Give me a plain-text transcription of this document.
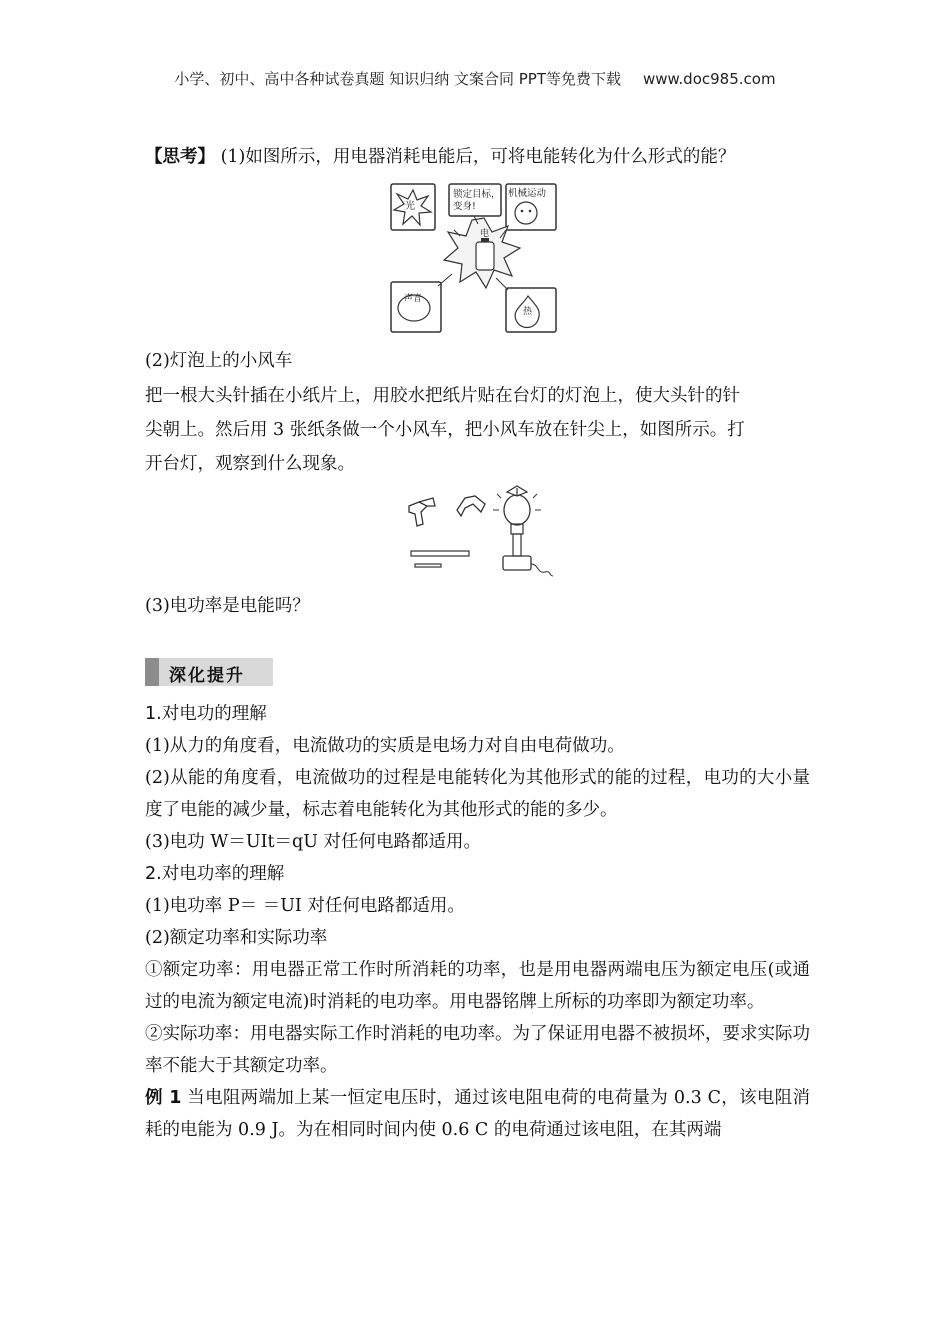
小学、初中、高中各种试卷真题 知识归纳 文案合同 PPT等免费下载 www.doc985.com
【思考】 (1)如图所示，用电器消耗电能后，可将电能转化为什么形式的能？
光
锁定目标， 变身!
机械运动
电
声音
热
(2)灯泡上的小风车
把一根大头针插在小纸片上，用胶水把纸片贴在台灯的灯泡上，使大头针的针
尖朝上。然后用 3 张纸条做一个小风车，把小风车放在针尖上，如图所示。打
开台灯，观察到什么现象。
(3)电功率是电能吗？
深化提升
1.对电功的理解
(1)从力的角度看，电流做功的实质是电场力对自由电荷做功。
(2)从能的角度看，电流做功的过程是电能转化为其他形式的能的过程，电功的大小量度了电能的减少量，标志着电能转化为其他形式的能的多少。
(3)电功 W＝UIt＝qU 对任何电路都适用。
2.对电功率的理解
(1)电功率 P＝ ＝UI 对任何电路都适用。
(2)额定功率和实际功率
①额定功率：用电器正常工作时所消耗的功率，也是用电器两端电压为额定电压(或通过的电流为额定电流)时消耗的电功率。用电器铭牌上所标的功率即为额定功率。
②实际功率：用电器实际工作时消耗的电功率。为了保证用电器不被损坏，要求实际功率不能大于其额定功率。
例 1 当电阻两端加上某一恒定电压时，通过该电阻电荷的电荷量为 0.3 C，该电阻消耗的电能为 0.9 J。为在相同时间内使 0.6 C 的电荷通过该电阻，在其两端
